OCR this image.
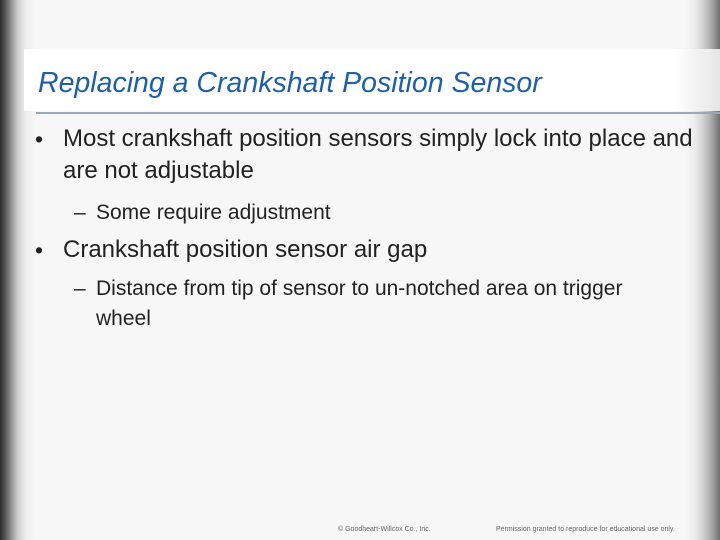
Replacing a Crankshaft Position Sensor
• Most crankshaft position sensors simply lock into place and are not adjustable
– Some require adjustment
• Crankshaft position sensor air gap
– Distance from tip of sensor to un-notched area on trigger wheel
© Goodheart-Willcox Co., Inc.	Permission granted to reproduce for educational use only.
